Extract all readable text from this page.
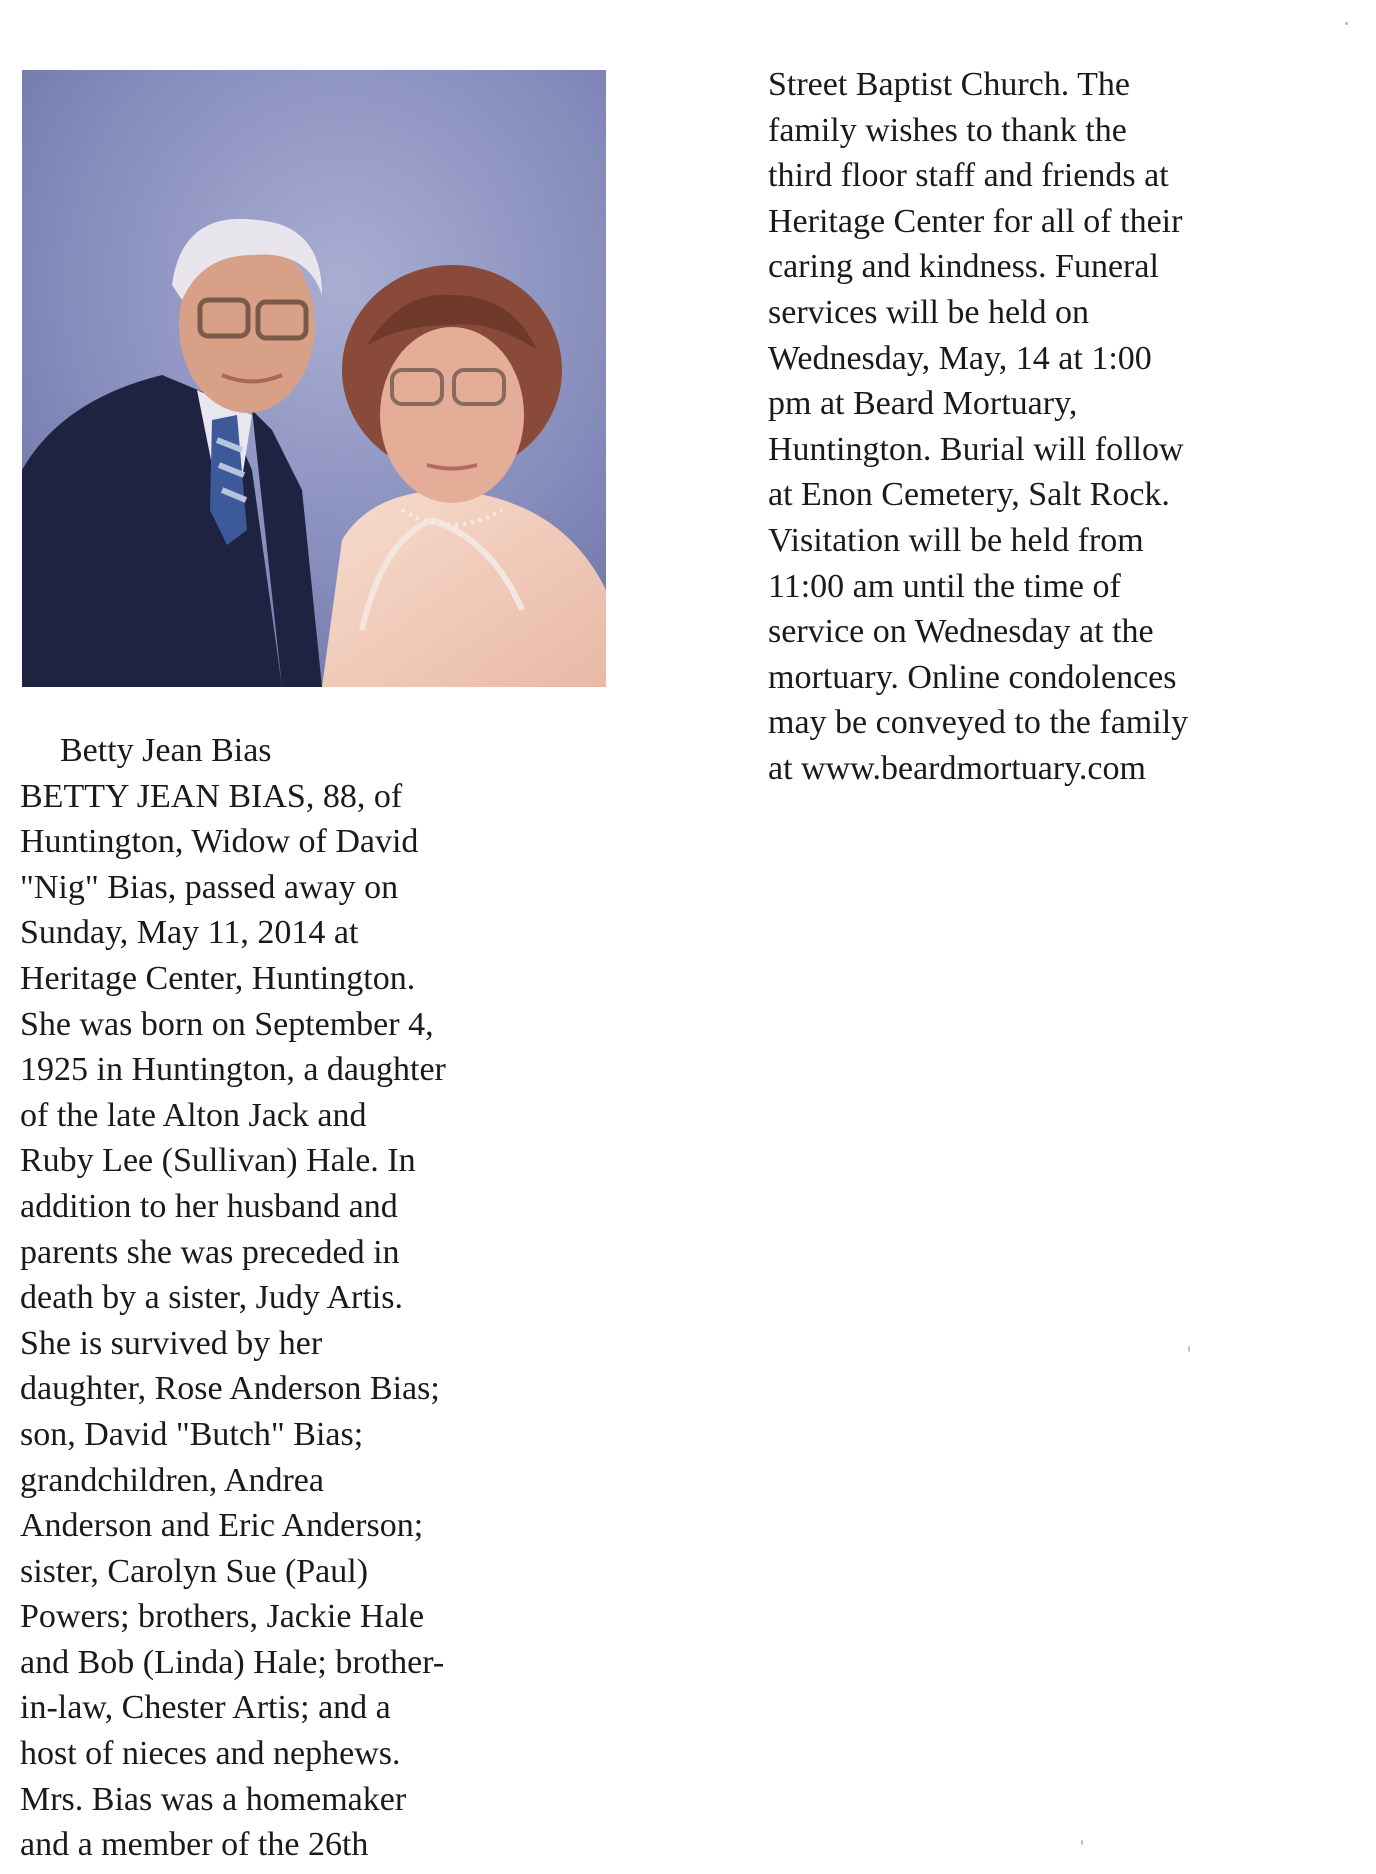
Betty Jean Bias
BETTY JEAN BIAS, 88, of
Huntington, Widow of David
"Nig" Bias, passed away on
Sunday, May 11, 2014 at
Heritage Center, Huntington.
She was born on September 4,
1925 in Huntington, a daughter
of the late Alton Jack and
Ruby Lee (Sullivan) Hale. In
addition to her husband and
parents she was preceded in
death by a sister, Judy Artis.
She is survived by her
daughter, Rose Anderson Bias;
son, David "Butch" Bias;
grandchildren, Andrea
Anderson and Eric Anderson;
sister, Carolyn Sue (Paul)
Powers; brothers, Jackie Hale
and Bob (Linda) Hale; brother-
in-law, Chester Artis; and a
host of nieces and nephews.
Mrs. Bias was a homemaker
and a member of the 26th
Street Baptist Church. The
family wishes to thank the
third floor staff and friends at
Heritage Center for all of their
caring and kindness. Funeral
services will be held on
Wednesday, May, 14 at 1:00
pm at Beard Mortuary,
Huntington. Burial will follow
at Enon Cemetery, Salt Rock.
Visitation will be held from
11:00 am until the time of
service on Wednesday at the
mortuary. Online condolences
may be conveyed to the family
at www.beardmortuary.com
